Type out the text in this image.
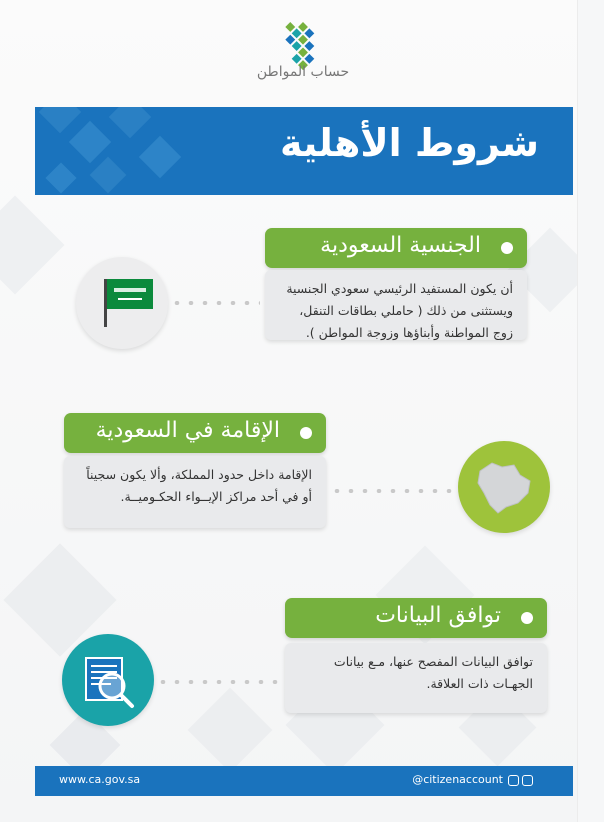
حساب المواطن
شروط الأهلية
الجنسية السعودية
أن يكون المستفيد الرئيسي سعودي الجنسية ويستثنى من ذلك ( حاملي بطاقات التنقل، زوج المواطنة وأبناؤها وزوجة المواطن ).
الإقامة في السعودية
الإقامة داخل حدود المملكة، وألا يكون سجيناً أو في أحد مراكز الإيــواء الحكـوميــة.
توافق البيانات
توافق البيانات المفصح عنها، مـع بيانات الجهـات ذات العلاقة.
www.ca.gov.sa	@citizenaccount
